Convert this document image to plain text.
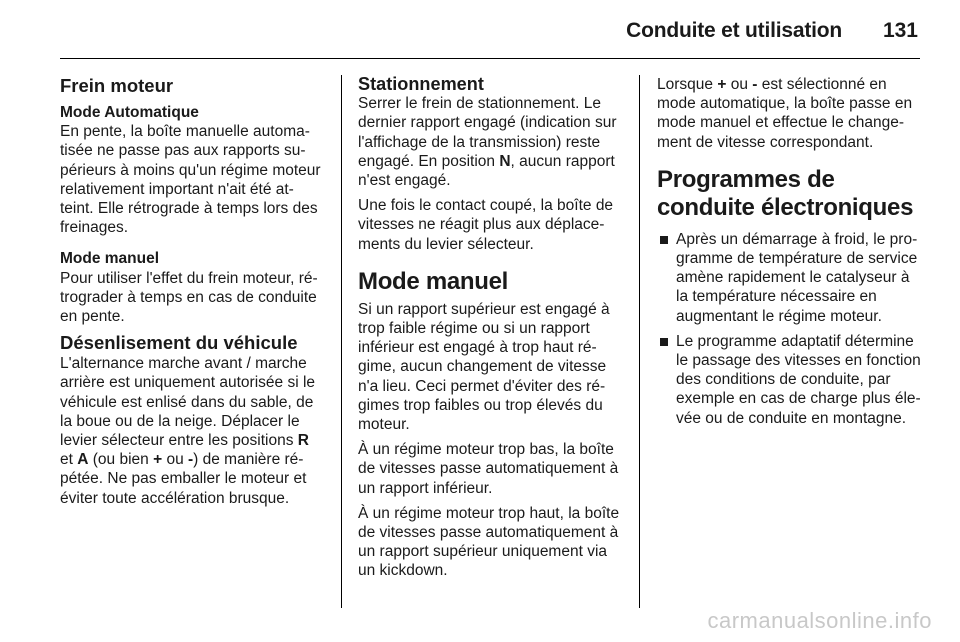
Conduite et utilisation 131
Frein moteur
Mode Automatique

En pente, la boîte manuelle automa-tisée ne passe pas aux rapports su-périeurs à moins qu'un régime moteur relativement important n'ait été at-teint. Elle rétrograde à temps lors des freinages.

Mode manuel

Pour utiliser l'effet du frein moteur, ré-trograder à temps en cas de conduite en pente.

Désenlisement du véhicule

L'alternance marche avant / marche arrière est uniquement autorisée si le véhicule est enlisé dans du sable, de la boue ou de la neige. Déplacer le levier sélecteur entre les positions R et A (ou bien + ou -) de manière ré-pétée. Ne pas emballer le moteur et éviter toute accélération brusque.

Stationnement

Serrer le frein de stationnement. Le dernier rapport engagé (indication sur l'affichage de la transmission) reste engagé. En position N, aucun rapport n'est engagé.

Une fois le contact coupé, la boîte de vitesses ne réagit plus aux déplace-ments du levier sélecteur.

Mode manuel

Si un rapport supérieur est engagé à trop faible régime ou si un rapport inférieur est engagé à trop haut ré-gime, aucun changement de vitesse n'a lieu. Ceci permet d'éviter des ré-gimes trop faibles ou trop élevés du moteur.

À un régime moteur trop bas, la boîte de vitesses passe automatiquement à un rapport inférieur.

À un régime moteur trop haut, la boîte de vitesses passe automatiquement à un rapport supérieur uniquement via un kickdown.

Lorsque + ou - est sélectionné en mode automatique, la boîte passe en mode manuel et effectue le change-ment de vitesse correspondant.

Programmes de conduite électroniques
Après un démarrage à froid, le pro-gramme de température de service amène rapidement le catalyseur à la température nécessaire en augmentant le régime moteur.
Le programme adaptatif détermine le passage des vitesses en fonction des conditions de conduite, par exemple en cas de charge plus éle-vée ou de conduite en montagne.
carmanualsonline.info
